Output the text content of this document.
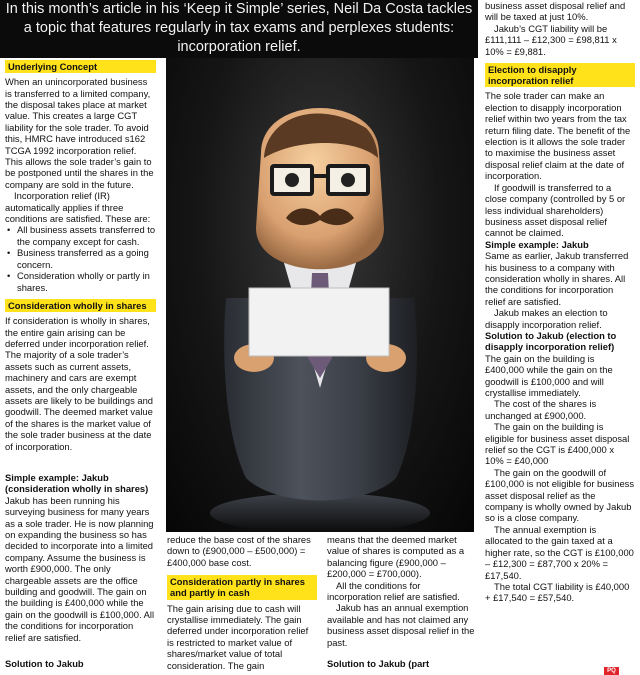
In this month’s article in his ‘Keep it Simple’ series, Neil Da Costa tackles
a topic that features regularly in tax exams and perplexes students:
incorporation relief.
Underlying Concept

When an unincorporated business is transferred to a limited company, the disposal takes place at market value. This creates a large CGT liability for the sole trader. To avoid this, HMRC have introduced s162 TCGA 1992 incorporation relief. This allows the sole trader’s gain to be postponed until the shares in the company are sold in the future.

Incorporation relief (IR) automatically applies if three conditions are satisfied. These are:

• All business assets transferred to the company except for cash.
• Business transferred as a going concern.
• Consideration wholly or partly in shares.
Consideration wholly in shares

If consideration is wholly in shares, the entire gain arising can be deferred under incorporation relief. The majority of a sole trader’s assets such as current assets, machinery and cars are exempt assets, and the only chargeable assets are likely to be buildings and goodwill. The deemed market value of the shares is the market value of the sole trader business at the date of incorporation.

Simple example: Jakub (consideration wholly in shares)

Jakub has been running his surveying business for many years as a sole trader. He is now planning on expanding the business so has decided to incorporate into a limited company. Assume the business is worth £900,000. The only chargeable assets are the office building and goodwill. The gain on the building is £400,000 while the gain on the goodwill is £100,000. All the conditions for incorporation relief are satisfied.

Solution to Jakub

reduce the base cost of the shares down to (£900,000 – £500,000) = £400,000 base cost.

Consideration partly in shares and partly in cash

The gain arising due to cash will crystallise immediately. The gain deferred under incorporation relief is restricted to market value of shares/market value of total consideration. The gain

means that the deemed market value of shares is computed as a balancing figure (£900,000 – £200,000 = £700,000).

All the conditions for incorporation relief are satisfied.

Jakub has an annual exemption available and has not claimed any business asset disposal relief in the past.

Solution to Jakub (part

business asset disposal relief and will be taxed at just 10%.

Jakub’s CGT liability will be £111,111 – £12,300 = £98,811 x 10% = £9,881.

Election to disapply incorporation relief

The sole trader can make an election to disapply incorporation relief within two years from the tax return filing date. The benefit of the election is it allows the sole trader to maximise the business asset disposal relief claim at the date of incorporation.

If goodwill is transferred to a close company (controlled by 5 or less individual shareholders) business asset disposal relief cannot be claimed.

Simple example: Jakub

Same as earlier, Jakub transferred his business to a company with consideration wholly in shares. All the conditions for incorporation relief are satisfied.

Jakub makes an election to disapply incorporation relief.

Solution to Jakub (election to disapply incorporation relief)

The gain on the building is £400,000 while the gain on the goodwill is £100,000 and will crystallise immediately.

The cost of the shares is unchanged at £900,000.

The gain on the building is eligible for business asset disposal relief so the CGT is £400,000 x 10% = £40,000

The gain on the goodwill of £100,000 is not eligible for business asset disposal relief as the company is wholly owned by Jakub so is a close company.

The annual exemption is allocated to the gain taxed at a higher rate, so the CGT is £100,000 – £12,300 = £87,700 x 20% = £17,540.

The total CGT liability is £40,000 + £17,540 = £57,540.

PQ
